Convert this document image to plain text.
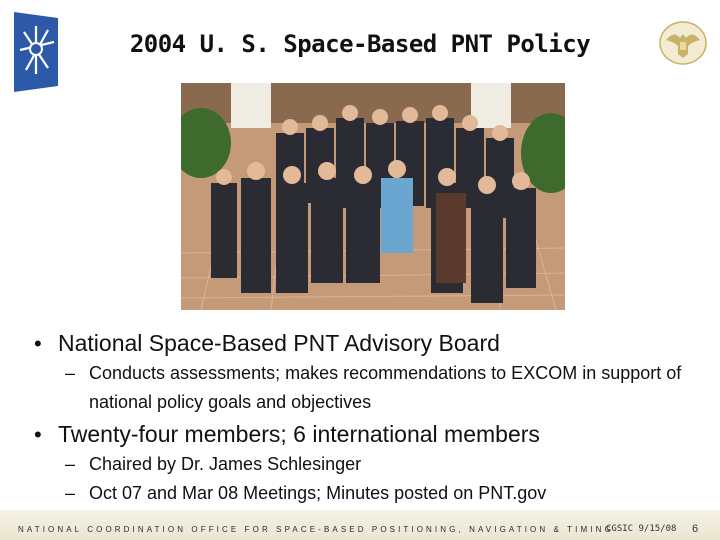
2004 U. S. Space-Based PNT Policy
• National Space-Based PNT Advisory Board
– Conducts assessments; makes recommendations to EXCOM in support of national policy goals and objectives
• Twenty-four members; 6 international members
– Chaired by Dr. James Schlesinger
– Oct 07 and Mar 08 Meetings; Minutes posted on PNT.gov
NATIONAL COORDINATION OFFICE FOR SPACE-BASED POSITIONING, NAVIGATION & TIMING
CGSIC 9/15/08 6
